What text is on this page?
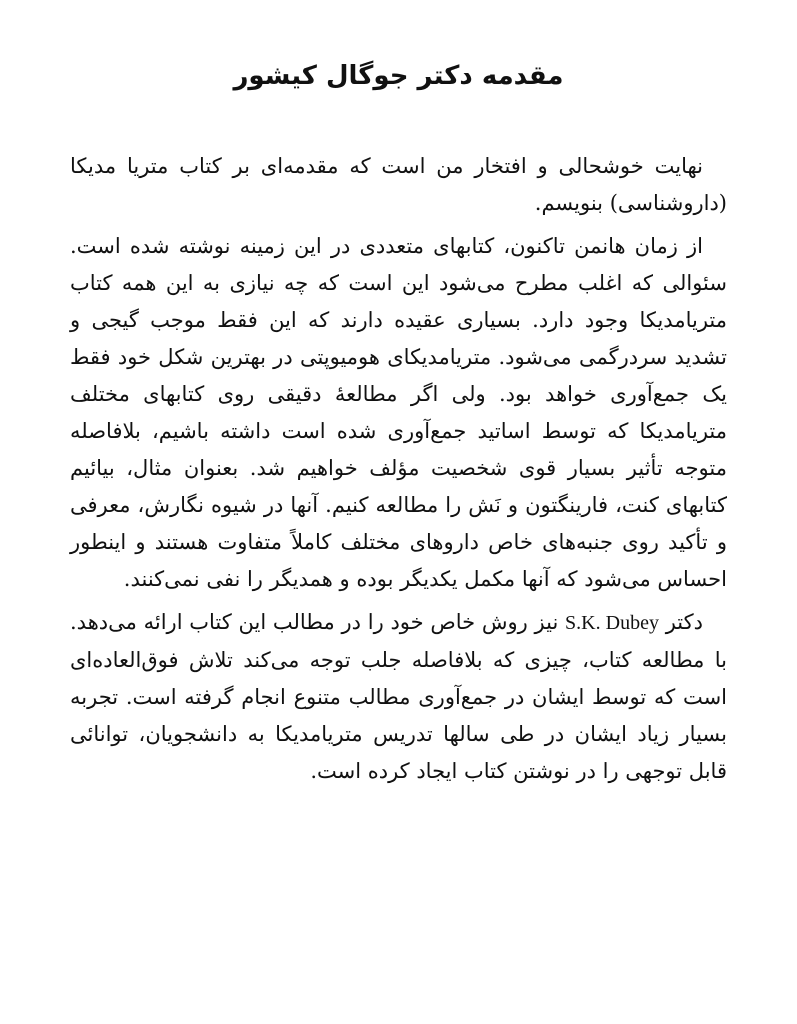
مقدمه دکتر جوگال کیشور

نهایت خوشحالی و افتخار من است که مقدمه‌ای بر کتاب متریا مدیکا (داروشناسی) بنویسم.

از زمان هانمن تاکنون، کتابهای متعددی در این زمینه نوشته شده است. سئوالی که اغلب مطرح می‌شود این است که چه نیازی به این همه کتاب متریامدیکا وجود دارد. بسیاری عقیده دارند که این فقط موجب گیجی و تشدید سردرگمی می‌شود. متریامدیکای هومیوپتی در بهترین شکل خود فقط یک جمع‌آوری خواهد بود. ولی اگر مطالعهٔ دقیقی روی کتابهای مختلف متریامدیکا که توسط اساتید جمع‌آوری شده است داشته باشیم، بلافاصله متوجه تأثیر بسیار قوی شخصیت مؤلف خواهیم شد. بعنوان مثال، بیائیم کتابهای کنت، فارینگتون و نَش را مطالعه کنیم. آنها در شیوه نگارش، معرفی و تأکید روی جنبه‌های خاص داروهای مختلف کاملاً متفاوت هستند و اینطور احساس می‌شود که آنها مکمل یکدیگر بوده و همدیگر را نفی نمی‌کنند.

دکتر S.K. Dubey نیز روش خاص خود را در مطالب این کتاب ارائه می‌دهد. با مطالعه کتاب، چیزی که بلافاصله جلب توجه می‌کند تلاش فوق‌العاده‌ای است که توسط ایشان در جمع‌آوری مطالب متنوع انجام گرفته است. تجربه بسیار زیاد ایشان در طی سالها تدریس متریامدیکا به دانشجویان، توانائی قابل توجهی را در نوشتن کتاب ایجاد کرده است.
